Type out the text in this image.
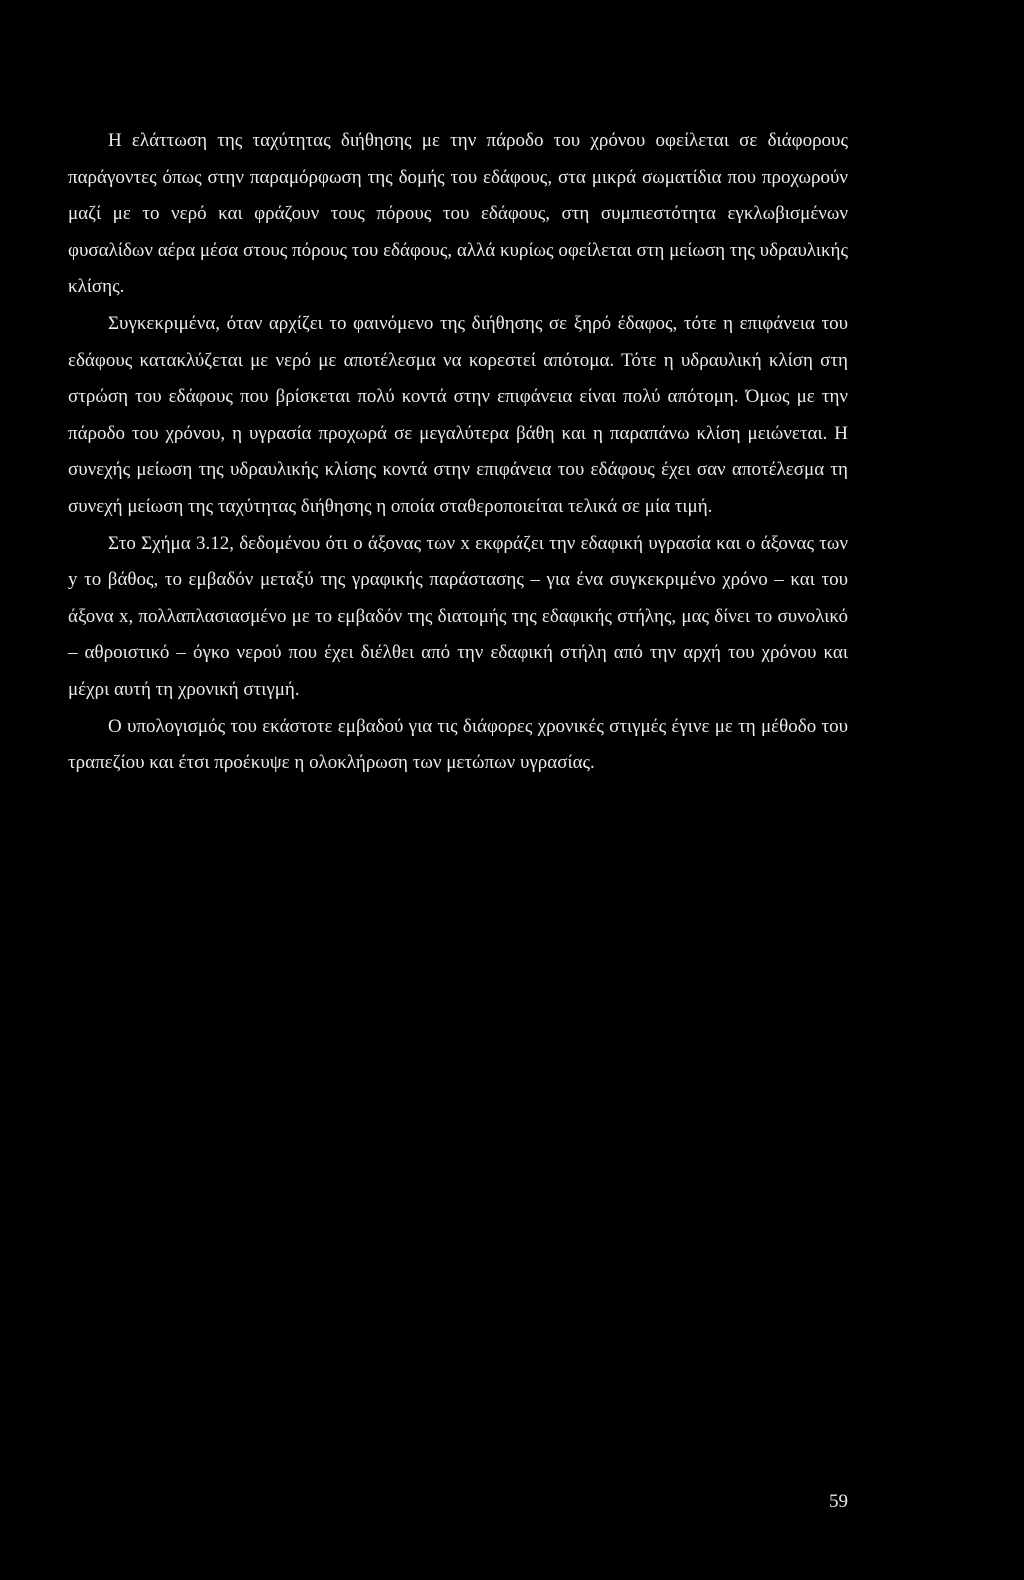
Η ελάττωση της ταχύτητας διήθησης με την πάροδο του χρόνου οφείλεται σε διάφορους παράγοντες όπως στην παραμόρφωση της δομής του εδάφους, στα μικρά σωματίδια που προχωρούν μαζί με το νερό και φράζουν τους πόρους του εδάφους, στη συμπιεστότητα εγκλωβισμένων φυσαλίδων αέρα μέσα στους πόρους του εδάφους, αλλά κυρίως οφείλεται στη μείωση της υδραυλικής κλίσης.

Συγκεκριμένα, όταν αρχίζει το φαινόμενο της διήθησης σε ξηρό έδαφος, τότε η επιφάνεια του εδάφους κατακλύζεται με νερό με αποτέλεσμα να κορεστεί απότομα. Τότε η υδραυλική κλίση στη στρώση του εδάφους που βρίσκεται πολύ κοντά στην επιφάνεια είναι πολύ απότομη. Όμως με την πάροδο του χρόνου, η υγρασία προχωρά σε μεγαλύτερα βάθη και η παραπάνω κλίση μειώνεται. Η συνεχής μείωση της υδραυλικής κλίσης κοντά στην επιφάνεια του εδάφους έχει σαν αποτέλεσμα τη συνεχή μείωση της ταχύτητας διήθησης η οποία σταθεροποιείται τελικά σε μία τιμή.

Στο Σχήμα 3.12, δεδομένου ότι ο άξονας των x εκφράζει την εδαφική υγρασία και ο άξονας των y το βάθος, το εμβαδόν μεταξύ της γραφικής παράστασης – για ένα συγκεκριμένο χρόνο – και του άξονα x, πολλαπλασιασμένο με το εμβαδόν της διατομής της εδαφικής στήλης, μας δίνει το συνολικό – αθροιστικό – όγκο νερού που έχει διέλθει από την εδαφική στήλη από την αρχή του χρόνου και μέχρι αυτή τη χρονική στιγμή.

Ο υπολογισμός του εκάστοτε εμβαδού για τις διάφορες χρονικές στιγμές έγινε με τη μέθοδο του τραπεζίου και έτσι προέκυψε η ολοκλήρωση των μετώπων υγρασίας.

59
